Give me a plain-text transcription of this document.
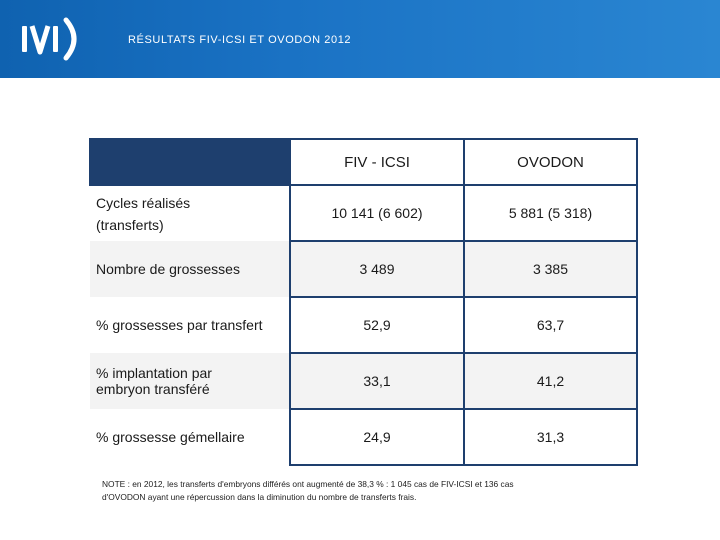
RÉSULTATS FIV-ICSI ET OVODON 2012
	FIV - ICSI	OVODON
Cycles réalisés
(transferts)	10 141 (6 602)	5 881 (5 318)
Nombre de grossesses	3 489	3 385
% grossesses par transfert	52,9	63,7
% implantation par
embryon transféré	33,1	41,2
% grossesse gémellaire	24,9	31,3
NOTE : en 2012, les transferts d'embryons différés ont augmenté de 38,3 % : 1 045 cas de FIV-ICSI et 136 cas
d'OVODON ayant une répercussion dans la diminution du nombre de transferts frais.
